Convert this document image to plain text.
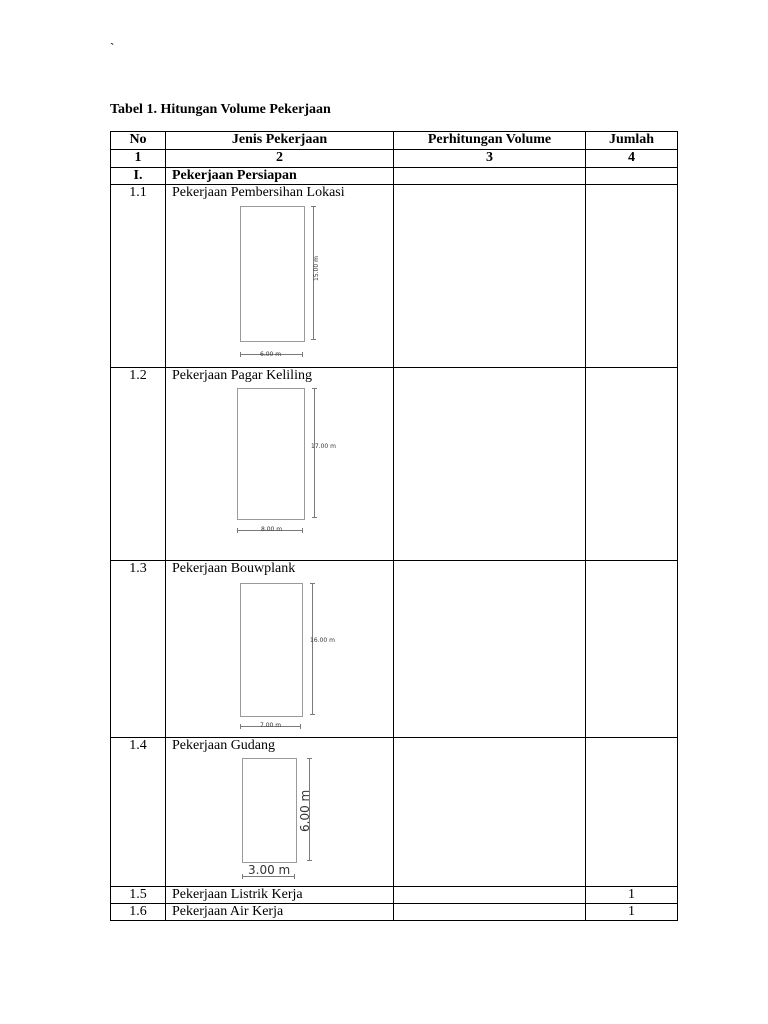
`
Tabel 1. Hitungan Volume Pekerjaan
No	Jenis Pekerjaan	Perhitungan Volume	Jumlah
1	2	3	4
I.	Pekerjaan Persiapan		
1.1	Pekerjaan Pembersihan Lokasi
15.00 m
6.00 m		

1.2	Pekerjaan Pagar Keliling
17.00 m
8.00 m		

1.3	Pekerjaan Bouwplank
16.00 m
7.00 m		

1.4	Pekerjaan Gudang
6.00 m
3.00 m		

1.5	Pekerjaan Listrik Kerja		1
1.6	Pekerjaan Air Kerja		1
